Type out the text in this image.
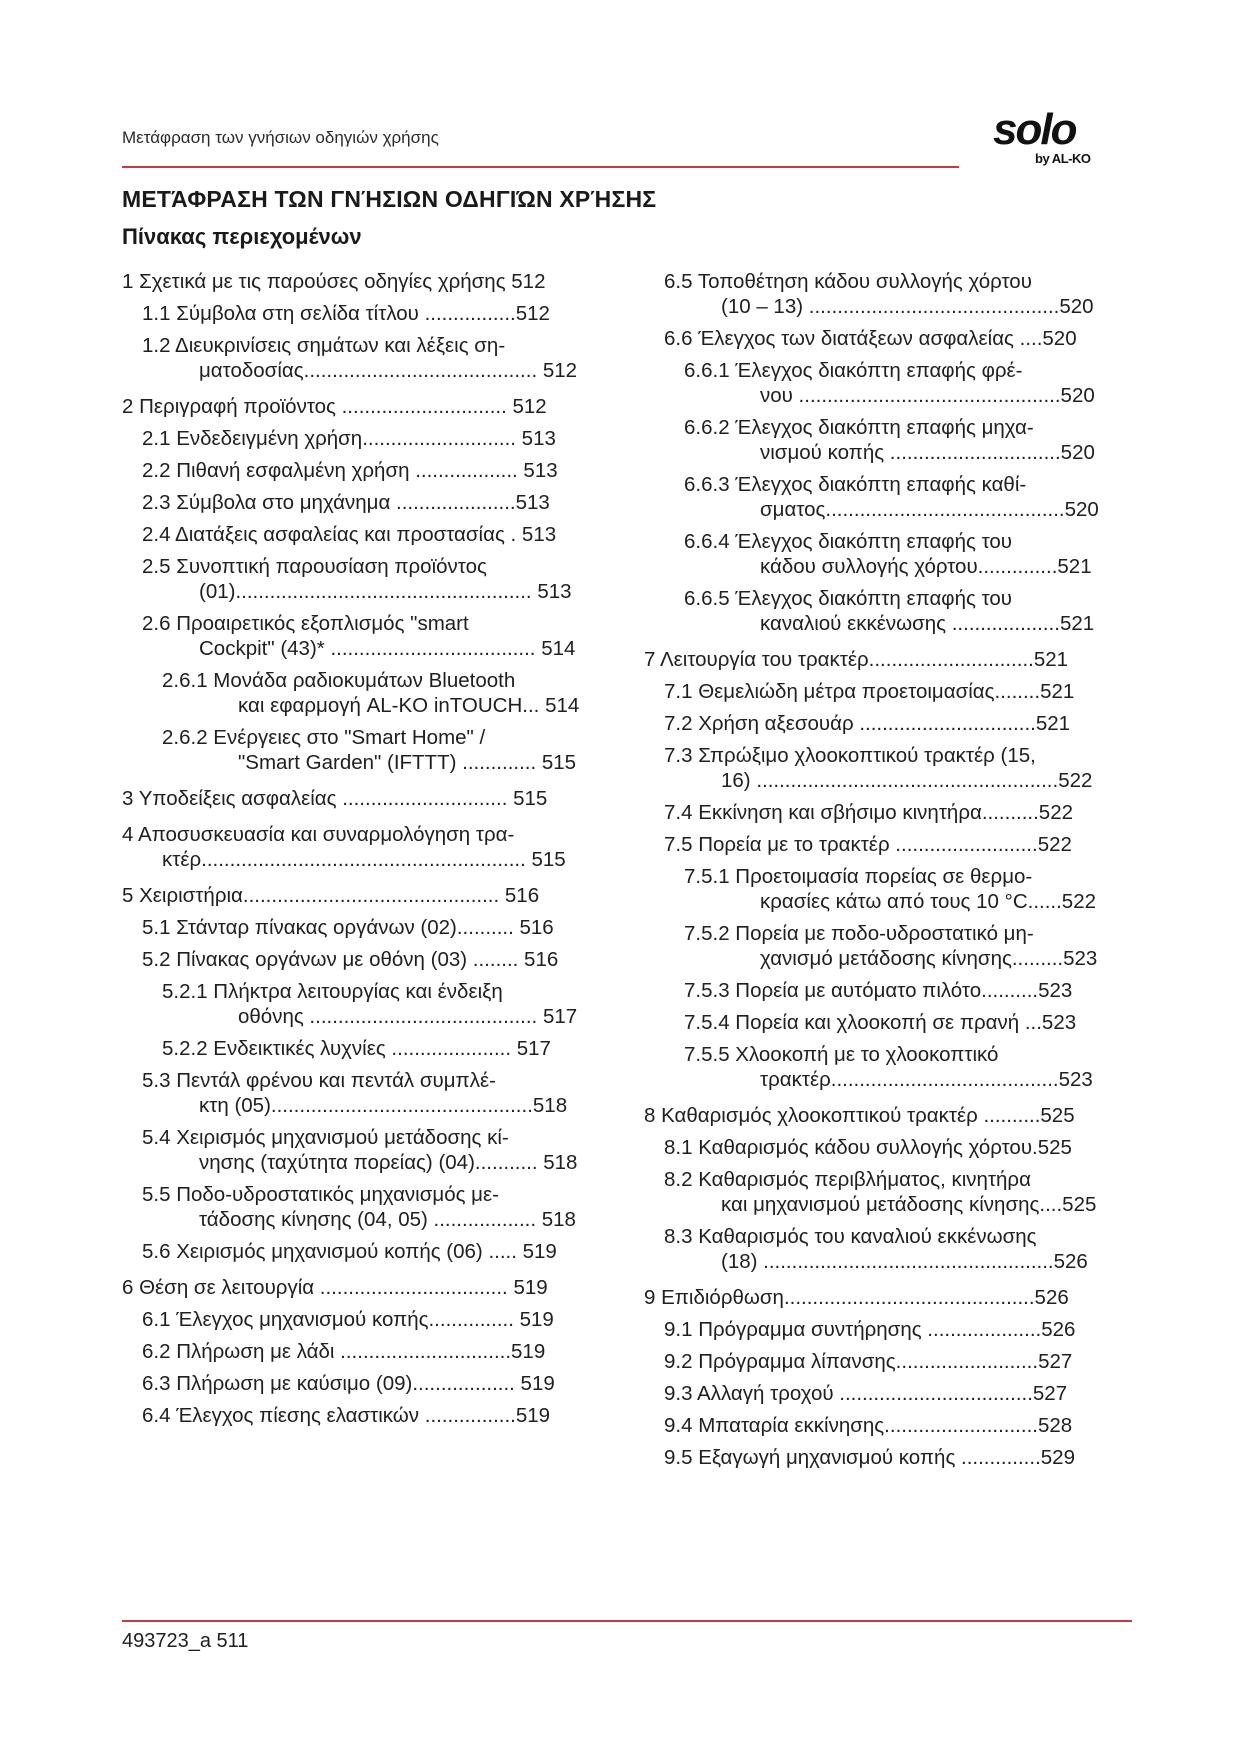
Μετάφραση των γνήσιων οδηγιών χρήσης	solo
by AL-KO
ΜΕΤΆΦΡΑΣΗ ΤΩΝ ΓΝΉΣΙΩΝ ΟΔΗΓΙΏΝ ΧΡΉΣΗΣ
Πίνακας περιεχομένων
1 Σχετικά με τις παρούσες οδηγίες χρήσης 512
1.1 Σύμβολα στη σελίδα τίτλου ................512
1.2 Διευκρινίσεις σημάτων και λέξεις ση-
ματοδοσίας......................................... 512
2 Περιγραφή προϊόντος ............................. 512
2.1 Ενδεδειγμένη χρήση........................... 513
2.2 Πιθανή εσφαλμένη χρήση .................. 513
2.3 Σύμβολα στο μηχάνημα .....................513
2.4 Διατάξεις ασφαλείας και προστασίας . 513
2.5 Συνοπτική παρουσίαση προϊόντος
(01).................................................... 513
2.6 Προαιρετικός εξοπλισμός "smart
Cockpit" (43)* .................................... 514
2.6.1 Μονάδα ραδιοκυμάτων Bluetooth
και εφαρμογή AL-KO inTOUCH... 514
2.6.2 Ενέργειες στο "Smart Home" /
"Smart Garden" (IFTTT) ............. 515
3 Υποδείξεις ασφαλείας ............................. 515
4 Αποσυσκευασία και συναρμολόγηση τρα-
κτέρ......................................................... 515
5 Χειριστήρια............................................. 516
5.1 Στάνταρ πίνακας οργάνων (02).......... 516
5.2 Πίνακας οργάνων με οθόνη (03) ........ 516
5.2.1 Πλήκτρα λειτουργίας και ένδειξη
οθόνης ........................................ 517
5.2.2 Ενδεικτικές λυχνίες ..................... 517
5.3 Πεντάλ φρένου και πεντάλ συμπλέ-
κτη (05)..............................................518
5.4 Χειρισμός μηχανισμού μετάδοσης κί-
νησης (ταχύτητα πορείας) (04)........... 518
5.5 Ποδο-υδροστατικός μηχανισμός με-
τάδοσης κίνησης (04, 05) .................. 518
5.6 Χειρισμός μηχανισμού κοπής (06) ..... 519
6 Θέση σε λειτουργία ................................. 519
6.1 Έλεγχος μηχανισμού κοπής............... 519
6.2 Πλήρωση με λάδι ..............................519
6.3 Πλήρωση με καύσιμο (09).................. 519
6.4 Έλεγχος πίεσης ελαστικών ................519
6.5 Τοποθέτηση κάδου συλλογής χόρτου
(10 – 13) ............................................520
6.6 Έλεγχος των διατάξεων ασφαλείας ....520
6.6.1 Έλεγχος διακόπτη επαφής φρέ-
νου ..............................................520
6.6.2 Έλεγχος διακόπτη επαφής μηχα-
νισμού κοπής ..............................520
6.6.3 Έλεγχος διακόπτη επαφής καθί-
σματος..........................................520
6.6.4 Έλεγχος διακόπτη επαφής του
κάδου συλλογής χόρτου..............521
6.6.5 Έλεγχος διακόπτη επαφής του
καναλιού εκκένωσης ...................521
7 Λειτουργία του τρακτέρ.............................521
7.1 Θεμελιώδη μέτρα προετοιμασίας........521
7.2 Χρήση αξεσουάρ ...............................521
7.3 Σπρώξιμο χλοοκοπτικού τρακτέρ (15,
16) .....................................................522
7.4 Εκκίνηση και σβήσιμο κινητήρα..........522
7.5 Πορεία με το τρακτέρ .........................522
7.5.1 Προετοιμασία πορείας σε θερμο-
κρασίες κάτω από τους 10 °C......522
7.5.2 Πορεία με ποδο-υδροστατικό μη-
χανισμό μετάδοσης κίνησης.........523
7.5.3 Πορεία με αυτόματο πιλότο..........523
7.5.4 Πορεία και χλοοκοπή σε πρανή ...523
7.5.5 Χλοοκοπή με το χλοοκοπτικό
τρακτέρ........................................523
8 Καθαρισμός χλοοκοπτικού τρακτέρ ..........525
8.1 Καθαρισμός κάδου συλλογής χόρτου.525
8.2 Καθαρισμός περιβλήματος, κινητήρα
και μηχανισμού μετάδοσης κίνησης....525
8.3 Καθαρισμός του καναλιού εκκένωσης
(18) ...................................................526
9 Επιδιόρθωση............................................526
9.1 Πρόγραμμα συντήρησης ....................526
9.2 Πρόγραμμα λίπανσης.........................527
9.3 Αλλαγή τροχού ..................................527
9.4 Μπαταρία εκκίνησης...........................528
9.5 Εξαγωγή μηχανισμού κοπής ..............529
493723_a 511
